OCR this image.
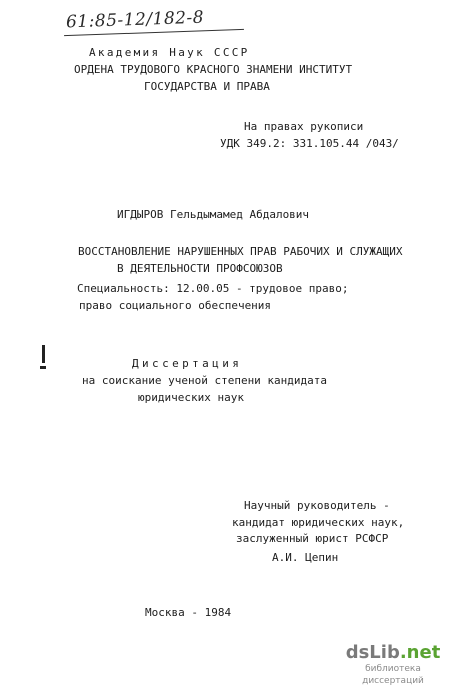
61:85-12/182-8
Академия Наук СССР
ОРДЕНА ТРУДОВОГО КРАСНОГО ЗНАМЕНИ ИНСТИТУТ
ГОСУДАРСТВА И ПРАВА
На правах рукописи
УДК 349.2: 331.105.44 /043/
ИГДЫРОВ Гельдымамед Абдалович
ВОССТАНОВЛЕНИЕ НАРУШЕННЫХ ПРАВ РАБОЧИХ И СЛУЖАЩИХ
В ДЕЯТЕЛЬНОСТИ ПРОФСОЮЗОВ
Специальность: 12.00.05 - трудовое право;
право социального обеспечения
Диссертация
на соискание ученой степени кандидата
юридических наук
Научный руководитель -
кандидат юридических наук,
заслуженный юрист РСФСР
А.И. Цепин
Москва - 1984
dsLib.net
библиотека диссертаций
